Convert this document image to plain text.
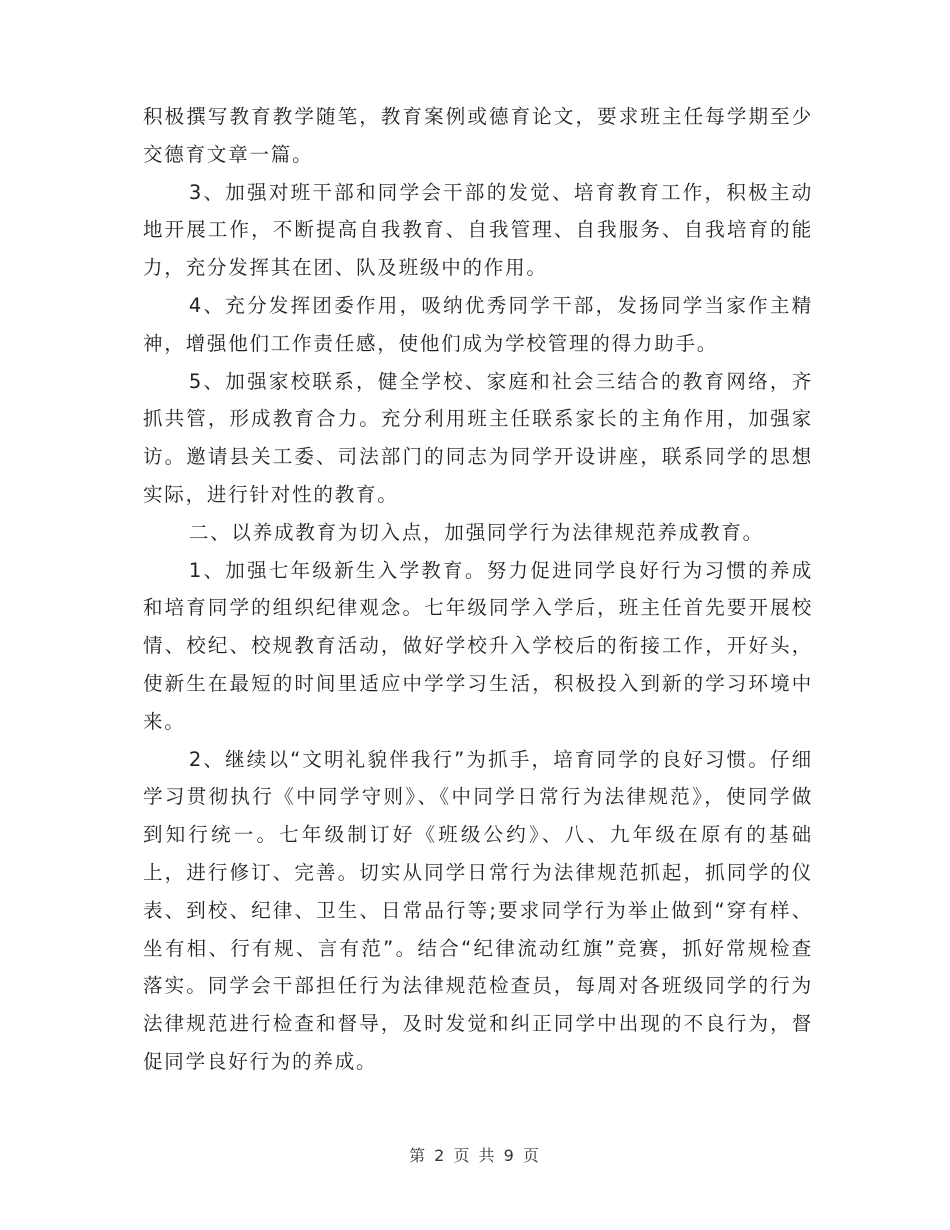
积极撰写教育教学随笔，教育案例或德育论文，要求班主任每学期至少交德育文章一篇。

3、加强对班干部和同学会干部的发觉、培育教育工作，积极主动地开展工作，不断提高自我教育、自我管理、自我服务、自我培育的能力，充分发挥其在团、队及班级中的作用。

4、充分发挥团委作用，吸纳优秀同学干部，发扬同学当家作主精神，增强他们工作责任感，使他们成为学校管理的得力助手。

5、加强家校联系，健全学校、家庭和社会三结合的教育网络，齐抓共管，形成教育合力。充分利用班主任联系家长的主角作用，加强家访。邀请县关工委、司法部门的同志为同学开设讲座，联系同学的思想实际，进行针对性的教育。

二、以养成教育为切入点，加强同学行为法律规范养成教育。

1、加强七年级新生入学教育。努力促进同学良好行为习惯的养成和培育同学的组织纪律观念。七年级同学入学后，班主任首先要开展校情、校纪、校规教育活动，做好学校升入学校后的衔接工作，开好头，使新生在最短的时间里适应中学学习生活，积极投入到新的学习环境中来。

2、继续以“文明礼貌伴我行”为抓手，培育同学的良好习惯。仔细学习贯彻执行《中同学守则》、《中同学日常行为法律规范》，使同学做到知行统一。七年级制订好《班级公约》、八、九年级在原有的基础上，进行修订、完善。切实从同学日常行为法律规范抓起，抓同学的仪表、到校、纪律、卫生、日常品行等;要求同学行为举止做到“穿有样、坐有相、行有规、言有范”。结合“纪律流动红旗”竞赛，抓好常规检查落实。同学会干部担任行为法律规范检查员，每周对各班级同学的行为法律规范进行检查和督导，及时发觉和纠正同学中出现的不良行为，督促同学良好行为的养成。

第 2 页 共 9 页
